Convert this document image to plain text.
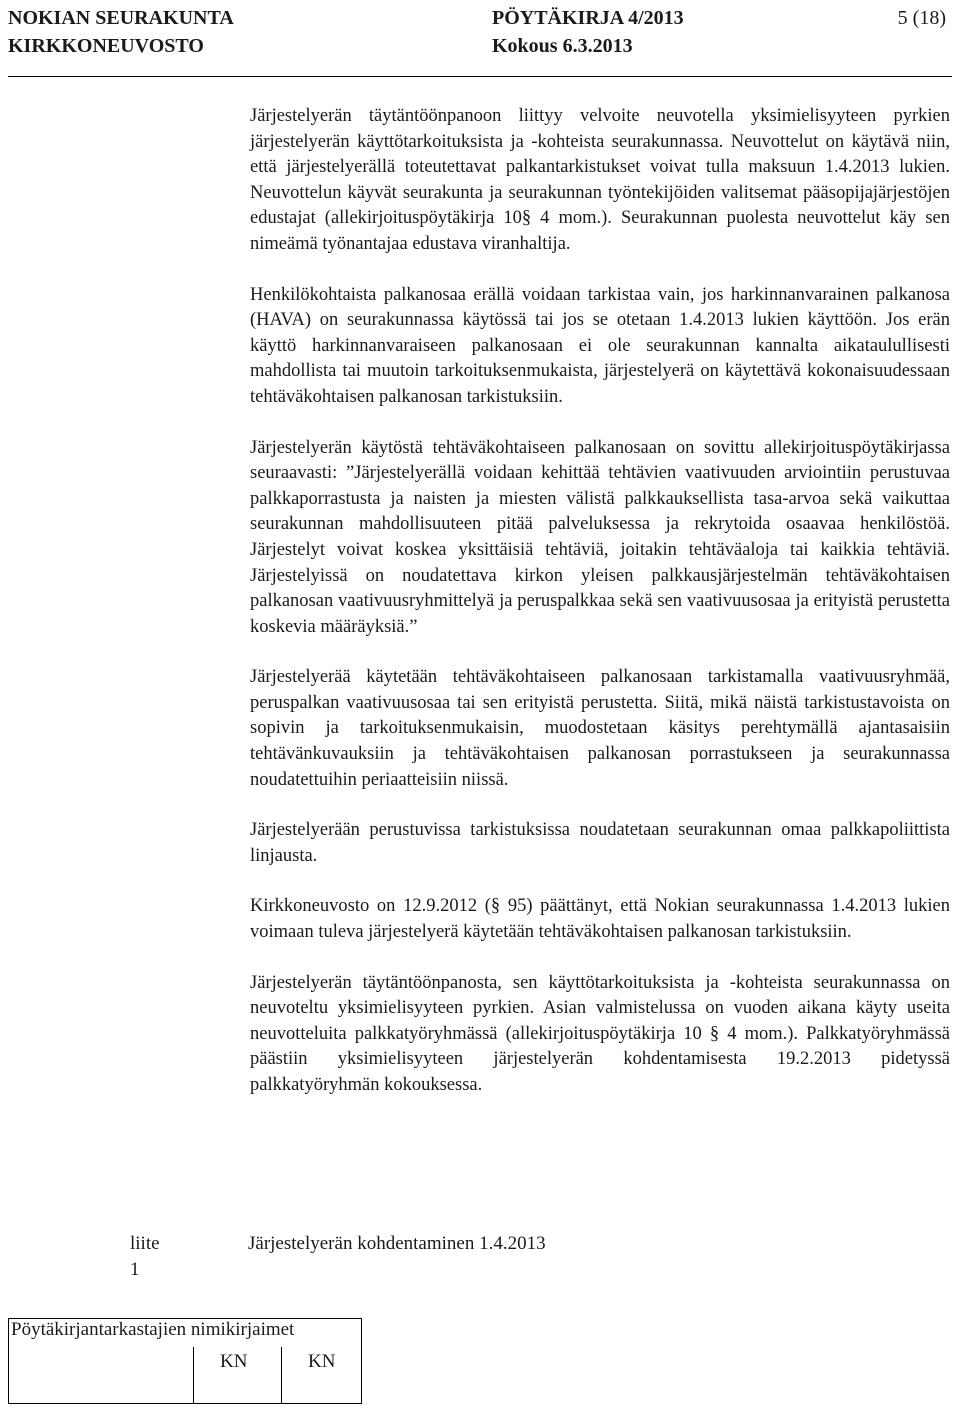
NOKIAN SEURAKUNTA	PÖYTÄKIRJA 4/2013	5 (18)
KIRKKONEUVOSTO	Kokous 6.3.2013

Järjestelyerän täytäntöönpanoon liittyy velvoite neuvotella yksimielisyyteen pyrkien järjestelyerän käyttötarkoituksista ja -kohteista seurakunnassa. Neuvottelut on käytävä niin, että järjestelyerällä toteutettavat palkantarkistukset voivat tulla maksuun 1.4.2013 lukien. Neuvottelun käyvät seurakunta ja seurakunnan työntekijöiden valitsemat pääsopijajärjestöjen edustajat (allekirjoituspöytäkirja 10§ 4 mom.). Seurakunnan puolesta neuvottelut käy sen nimeämä työnantajaa edustava viranhaltija.

Henkilökohtaista palkanosaa erällä voidaan tarkistaa vain, jos harkinnanvarainen palkanosa (HAVA) on seurakunnassa käytössä tai jos se otetaan 1.4.2013 lukien käyttöön. Jos erän käyttö harkinnanvaraiseen palkanosaan ei ole seurakunnan kannalta aikataulullisesti mahdollista tai muutoin tarkoituksenmukaista, järjestelyerä on käytettävä kokonaisuudessaan tehtäväkohtaisen palkanosan tarkistuksiin.

Järjestelyerän käytöstä tehtäväkohtaiseen palkanosaan on sovittu allekirjoituspöytäkirjassa seuraavasti: ”Järjestelyerällä voidaan kehittää tehtävien vaativuuden arviointiin perustuvaa palkkaporrastusta ja naisten ja miesten välistä palkkauksellista tasa-arvoa sekä vaikuttaa seurakunnan mahdollisuuteen pitää palveluksessa ja rekrytoida osaavaa henkilöstöä. Järjestelyt voivat koskea yksittäisiä tehtäviä, joitakin tehtäväaloja tai kaikkia tehtäviä. Järjestelyissä on noudatettava kirkon yleisen palkkausjärjestelmän tehtäväkohtaisen palkanosan vaativuusryhmittelyä ja peruspalkkaa sekä sen vaativuusosaa ja erityistä perustetta koskevia määräyksiä.”

Järjestelyerää käytetään tehtäväkohtaiseen palkanosaan tarkistamalla vaativuusryhmää, peruspalkan vaativuusosaa tai sen erityistä perustetta. Siitä, mikä näistä tarkistustavoista on sopivin ja tarkoituksenmukaisin, muodostetaan käsitys perehtymällä ajantasaisiin tehtävänkuvauksiin ja tehtäväkohtaisen palkanosan porrastukseen ja seurakunnassa noudatettuihin periaatteisiin niissä.

Järjestelyerään perustuvissa tarkistuksissa noudatetaan seurakunnan omaa palkkapoliittista linjausta.

Kirkkoneuvosto on 12.9.2012 (§ 95) päättänyt, että Nokian seurakunnassa 1.4.2013 lukien voimaan tuleva järjestelyerä käytetään tehtäväkohtaisen palkanosan tarkistuksiin.

Järjestelyerän täytäntöönpanosta, sen käyttötarkoituksista ja -kohteista seurakunnassa on neuvoteltu yksimielisyyteen pyrkien. Asian valmistelussa on vuoden aikana käyty useita neuvotteluita palkkatyöryhmässä (allekirjoituspöytäkirja 10 § 4 mom.). Palkkatyöryhmässä päästiin yksimielisyyteen järjestelyerän kohdentamisesta 19.2.2013 pidetyssä palkkatyöryhmän kokouksessa.

liite 1
Järjestelyerän kohdentaminen 1.4.2013
Pöytäkirjantarkastajien nimikirjaimet
KN	KN
